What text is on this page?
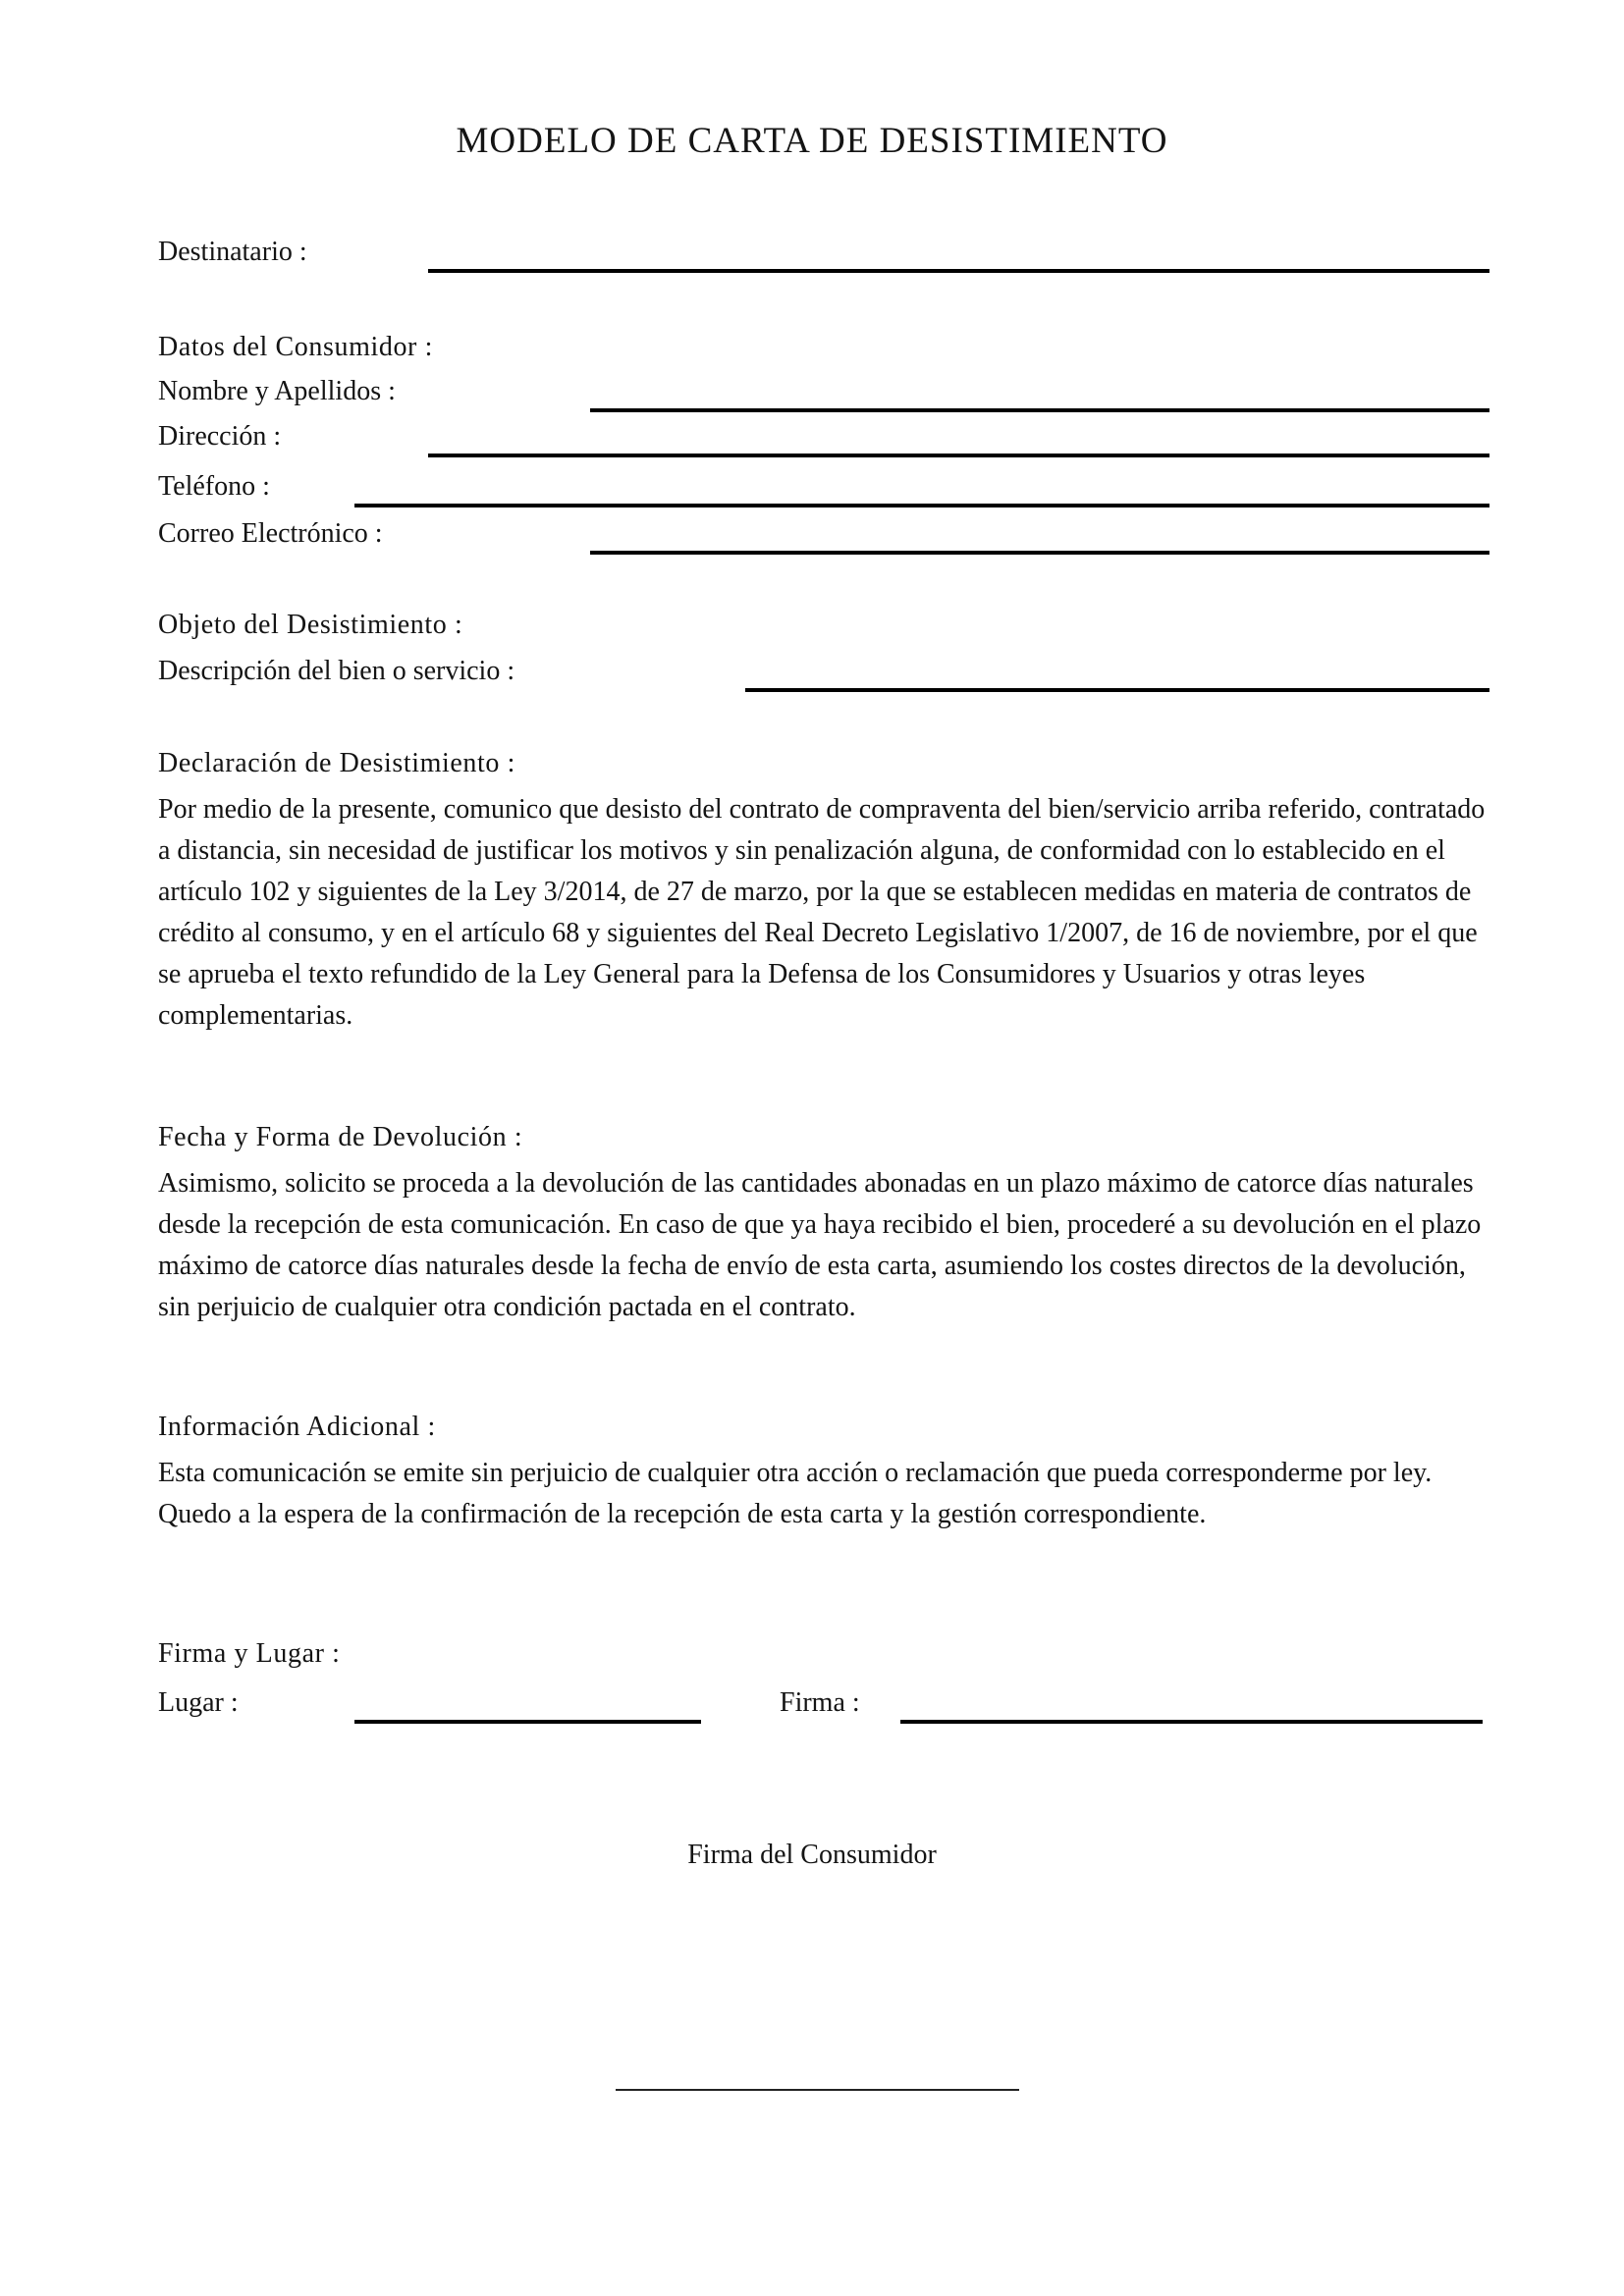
MODELO DE CARTA DE DESISTIMIENTO
Destinatario :
Datos del Consumidor :
Nombre y Apellidos :
Dirección :
Teléfono :
Correo Electrónico :
Objeto del Desistimiento :
Descripción del bien o servicio :
Declaración de Desistimiento :
Por medio de la presente, comunico que desisto del contrato de compraventa del bien/servicio arriba referido, contratado a distancia, sin necesidad de justificar los motivos y sin penalización alguna, de conformidad con lo establecido en el artículo 102 y siguientes de la Ley 3/2014, de 27 de marzo, por la que se establecen medidas en materia de contratos de crédito al consumo, y en el artículo 68 y siguientes del Real Decreto Legislativo 1/2007, de 16 de noviembre, por el que se aprueba el texto refundido de la Ley General para la Defensa de los Consumidores y Usuarios y otras leyes complementarias.
Fecha y Forma de Devolución :
Asimismo, solicito se proceda a la devolución de las cantidades abonadas en un plazo máximo de catorce días naturales desde la recepción de esta comunicación. En caso de que ya haya recibido el bien, procederé a su devolución en el plazo máximo de catorce días naturales desde la fecha de envío de esta carta, asumiendo los costes directos de la devolución, sin perjuicio de cualquier otra condición pactada en el contrato.
Información Adicional :
Esta comunicación se emite sin perjuicio de cualquier otra acción o reclamación que pueda corresponderme por ley. Quedo a la espera de la confirmación de la recepción de esta carta y la gestión correspondiente.
Firma y Lugar :
Lugar :	Firma :
Firma del Consumidor
